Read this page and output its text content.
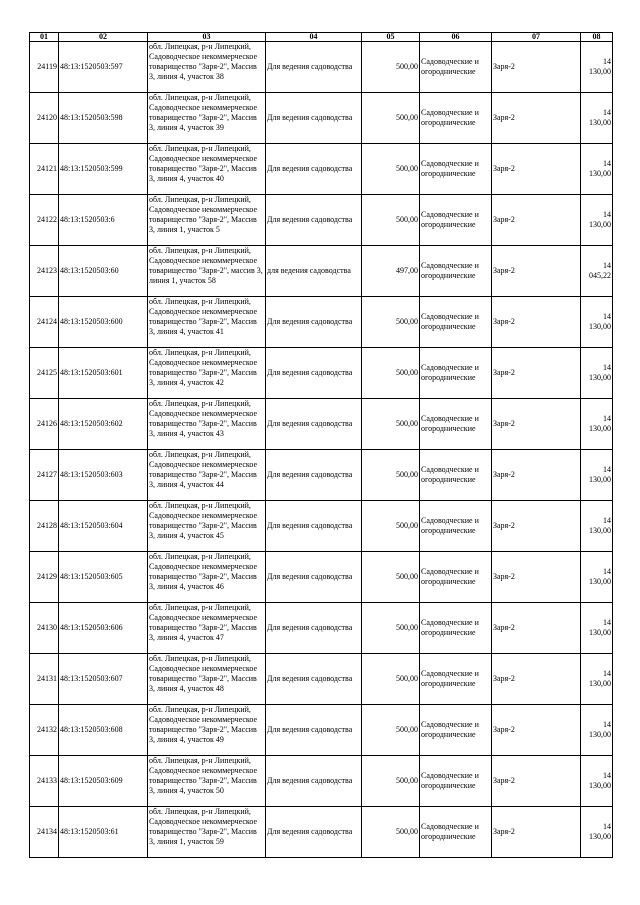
01	02	03	04	05	06	07	08
24119	48:13:1520503:597	обл. Липецкая, р-н Липецкий, Садоводческое некоммерческое товарищество "Заря-2", Массив 3, линия 4, участок 38	Для ведения садоводства	500,00	Садоводческие и огороднические	Заря-2	14 130,00
24120	48:13:1520503:598	обл. Липецкая, р-н Липецкий, Садоводческое некоммерческое товарищество "Заря-2", Массив 3, линия 4, участок 39	Для ведения садоводства	500,00	Садоводческие и огороднические	Заря-2	14 130,00
24121	48:13:1520503:599	обл. Липецкая, р-н Липецкий, Садоводческое некоммерческое товарищество "Заря-2", Массив 3, линия 4, участок 40	Для ведения садоводства	500,00	Садоводческие и огороднические	Заря-2	14 130,00
24122	48:13:1520503:6	обл. Липецкая, р-н Липецкий, Садоводческое некоммерческое товарищество "Заря-2", Массив 3, линия 1, участок 5	Для ведения садоводства	500,00	Садоводческие и огороднические	Заря-2	14 130,00
24123	48:13:1520503:60	обл. Липецкая, р-н Липецкий, Садоводческое некоммерческое товарищество "Заря-2", массив 3, линия 1, участок 58	для ведения садоводства	497,00	Садоводческие и огороднические	Заря-2	14 045,22
24124	48:13:1520503:600	обл. Липецкая, р-н Липецкий, Садоводческое некоммерческое товарищество "Заря-2", Массив 3, линия 4, участок 41	Для ведения садоводства	500,00	Садоводческие и огороднические	Заря-2	14 130,00
24125	48:13:1520503:601	обл. Липецкая, р-н Липецкий, Садоводческое некоммерческое товарищество "Заря-2", Массив 3, линия 4, участок 42	Для ведения садоводства	500,00	Садоводческие и огороднические	Заря-2	14 130,00
24126	48:13:1520503:602	обл. Липецкая, р-н Липецкий, Садоводческое некоммерческое товарищество "Заря-2", Массив 3, линия 4, участок 43	Для ведения садоводства	500,00	Садоводческие и огороднические	Заря-2	14 130,00
24127	48:13:1520503:603	обл. Липецкая, р-н Липецкий, Садоводческое некоммерческое товарищество "Заря-2", Массив 3, линия 4, участок 44	Для ведения садоводства	500,00	Садоводческие и огороднические	Заря-2	14 130,00
24128	48:13:1520503:604	обл. Липецкая, р-н Липецкий, Садоводческое некоммерческое товарищество "Заря-2", Массив 3, линия 4, участок 45	Для ведения садоводства	500,00	Садоводческие и огороднические	Заря-2	14 130,00
24129	48:13:1520503:605	обл. Липецкая, р-н Липецкий, Садоводческое некоммерческое товарищество "Заря-2", Массив 3, линия 4, участок 46	Для ведения садоводства	500,00	Садоводческие и огороднические	Заря-2	14 130,00
24130	48:13:1520503:606	обл. Липецкая, р-н Липецкий, Садоводческое некоммерческое товарищество "Заря-2", Массив 3, линия 4, участок 47	Для ведения садоводства	500,00	Садоводческие и огороднические	Заря-2	14 130,00
24131	48:13:1520503:607	обл. Липецкая, р-н Липецкий, Садоводческое некоммерческое товарищество "Заря-2", Массив 3, линия 4, участок 48	Для ведения садоводства	500,00	Садоводческие и огороднические	Заря-2	14 130,00
24132	48:13:1520503:608	обл. Липецкая, р-н Липецкий, Садоводческое некоммерческое товарищество "Заря-2", Массив 3, линия 4, участок 49	Для ведения садоводства	500,00	Садоводческие и огороднические	Заря-2	14 130,00
24133	48:13:1520503:609	обл. Липецкая, р-н Липецкий, Садоводческое некоммерческое товарищество "Заря-2", Массив 3, линия 4, участок 50	Для ведения садоводства	500,00	Садоводческие и огороднические	Заря-2	14 130,00
24134	48:13:1520503:61	обл. Липецкая, р-н Липецкий, Садоводческое некоммерческое товарищество "Заря-2", Массив 3, линия 1, участок 59	Для ведения садоводства	500,00	Садоводческие и огороднические	Заря-2	14 130,00
